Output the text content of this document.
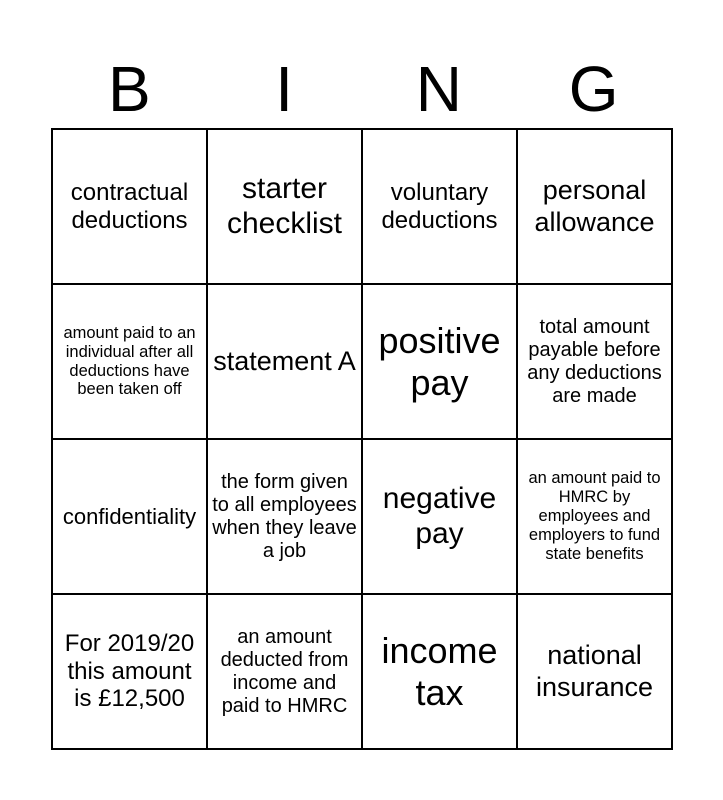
B	I	N	G
contractual deductions	starter checklist	voluntary deductions	personal allowance
amount paid to an individual after all deductions have been taken off	statement A	positive pay	total amount payable before any deductions are made
confidentiality	the form given to all employees when they leave a job	negative pay	an amount paid to HMRC by employees and employers to fund state benefits
For 2019/20 this amount is £12,500	an amount deducted from income and paid to HMRC	income tax	national insurance
